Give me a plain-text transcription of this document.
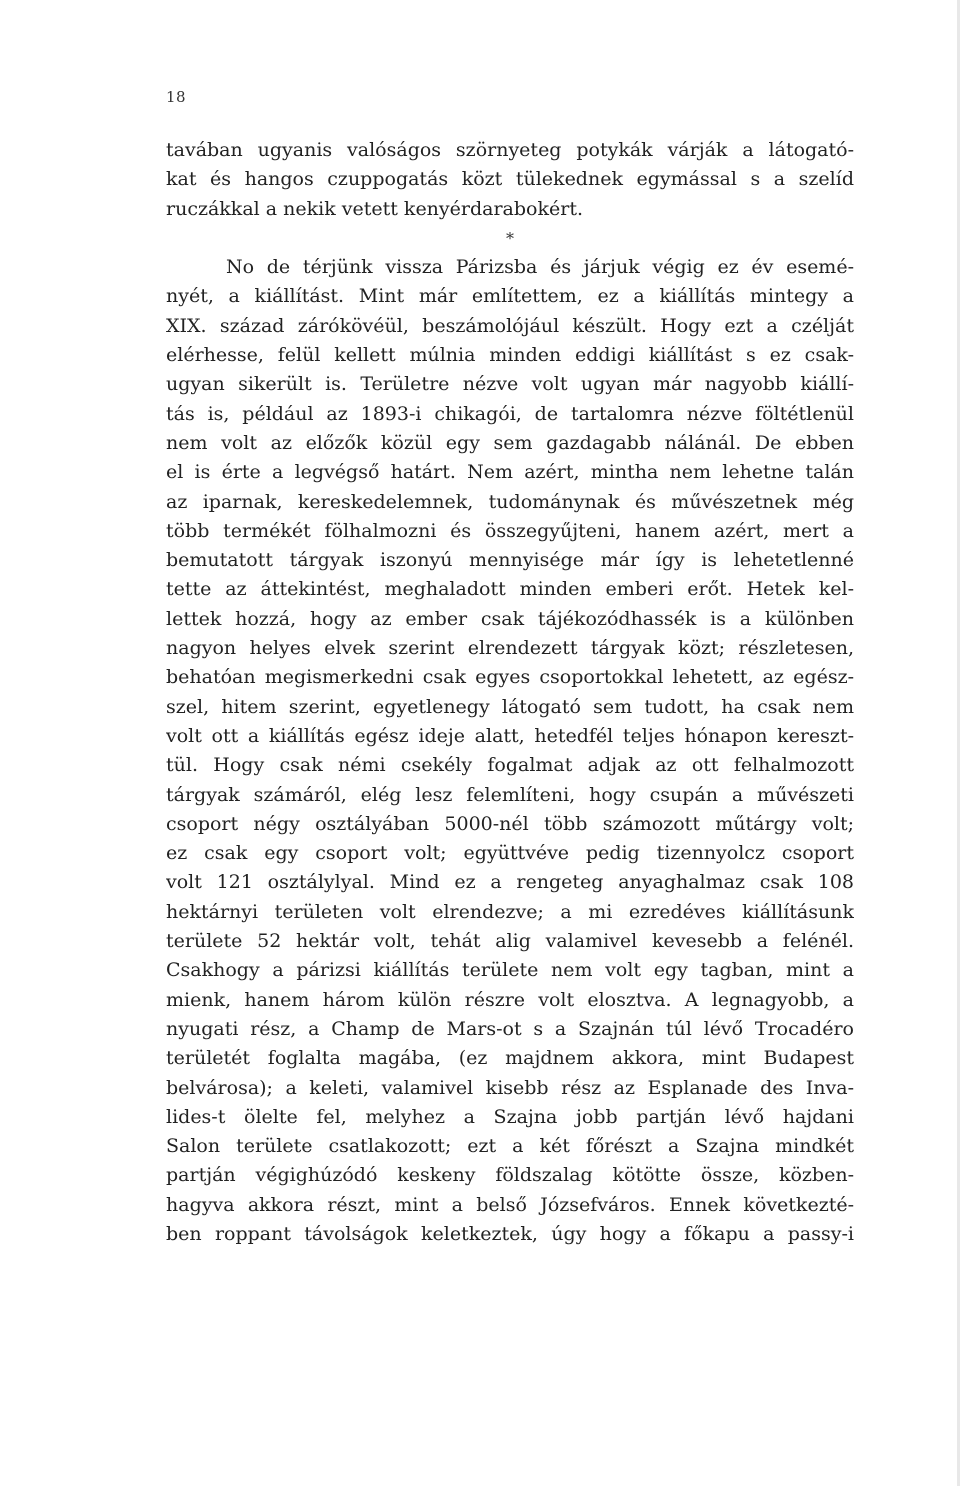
18
tavában ugyanis valóságos szörnyeteg potykák várják a látogató-
kat és hangos czuppogatás közt tülekednek egymással s a szelíd
ruczákkal a nekik vetett kenyérdarabokért.
*
No de térjünk vissza Párizsba és járjuk végig ez év esemé-
nyét, a kiállítást. Mint már említettem, ez a kiállítás mintegy a
XIX. század zárókövéül, beszámolójául készült. Hogy ezt a czélját
elérhesse, felül kellett múlnia minden eddigi kiállítást s ez csak-
ugyan sikerült is. Területre nézve volt ugyan már nagyobb kiállí-
tás is, például az 1893-i chikagói, de tartalomra nézve föltétlenül
nem volt az előzők közül egy sem gazdagabb nálánál. De ebben
el is érte a legvégső határt. Nem azért, mintha nem lehetne talán
az iparnak, kereskedelemnek, tudománynak és művészetnek még
több termékét fölhalmozni és összegyűjteni, hanem azért, mert a
bemutatott tárgyak iszonyú mennyisége már így is lehetetlenné
tette az áttekintést, meghaladott minden emberi erőt. Hetek kel-
lettek hozzá, hogy az ember csak tájékozódhassék is a különben
nagyon helyes elvek szerint elrendezett tárgyak közt; részletesen,
behatóan megismerkedni csak egyes csoportokkal lehetett, az egész-
szel, hitem szerint, egyetlenegy látogató sem tudott, ha csak nem
volt ott a kiállítás egész ideje alatt, hetedfél teljes hónapon kereszt-
tül. Hogy csak némi csekély fogalmat adjak az ott felhalmozott
tárgyak számáról, elég lesz felemlíteni, hogy csupán a művészeti
csoport négy osztályában 5000-nél több számozott műtárgy volt;
ez csak egy csoport volt; együttvéve pedig tizennyolcz csoport
volt 121 osztálylyal. Mind ez a rengeteg anyaghalmaz csak 108
hektárnyi területen volt elrendezve; a mi ezredéves kiállításunk
területe 52 hektár volt, tehát alig valamivel kevesebb a felénél.
Csakhogy a párizsi kiállítás területe nem volt egy tagban, mint a
mienk, hanem három külön részre volt elosztva. A legnagyobb, a
nyugati rész, a Champ de Mars-ot s a Szajnán túl lévő Trocadéro
területét foglalta magába, (ez majdnem akkora, mint Budapest
belvárosa); a keleti, valamivel kisebb rész az Esplanade des Inva-
lides-t ölelte fel, melyhez a Szajna jobb partján lévő hajdani
Salon területe csatlakozott; ezt a két főrészt a Szajna mindkét
partján végighúzódó keskeny földszalag kötötte össze, közben-
hagyva akkora részt, mint a belső Józsefváros. Ennek következté-
ben roppant távolságok keletkeztek, úgy hogy a főkapu a passy-i
